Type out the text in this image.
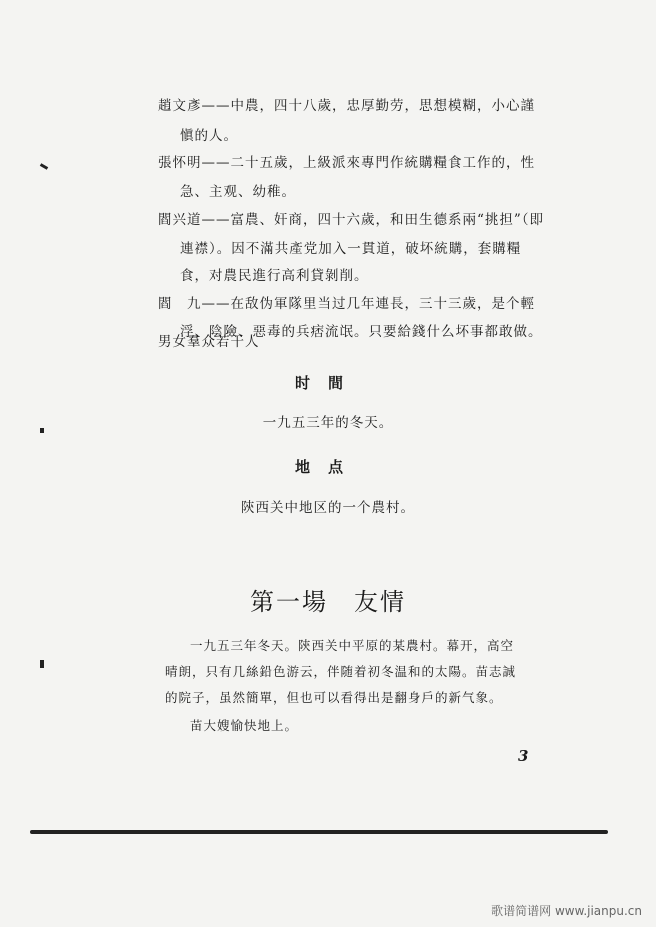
趙文彥——中農，四十八歲，忠厚勤劳，思想模糊，小心謹
愼的人。
張怀明——二十五歲，上級派來專門作統購糧食工作的，性
急、主观、幼稚。
閻兴道——富農、奸商，四十六歲，和田生德系兩“挑担”（即
連襟）。因不滿共產党加入一貫道，破坏統購，套購糧
食，对農民進行高利貸剝削。
閻　九——在敌伪軍隊里当过几年連長，三十三歲，是个輕
浮、陰險、惡毒的兵痞流氓。只要給錢什么坏事都敢做。
男女羣众若干人
时間
一九五三年的冬天。
地点
陝西关中地区的一个農村。
第一場　友情
一九五三年冬天。陝西关中平原的某農村。幕开，高空
晴朗，只有几絲鉛色游云，伴随着初冬温和的太陽。苗志誠
的院子，虽然簡單，但也可以看得出是翻身戶的新气象。
苗大嫂愉快地上。
3
歌谱简谱网 www.jianpu.cn
